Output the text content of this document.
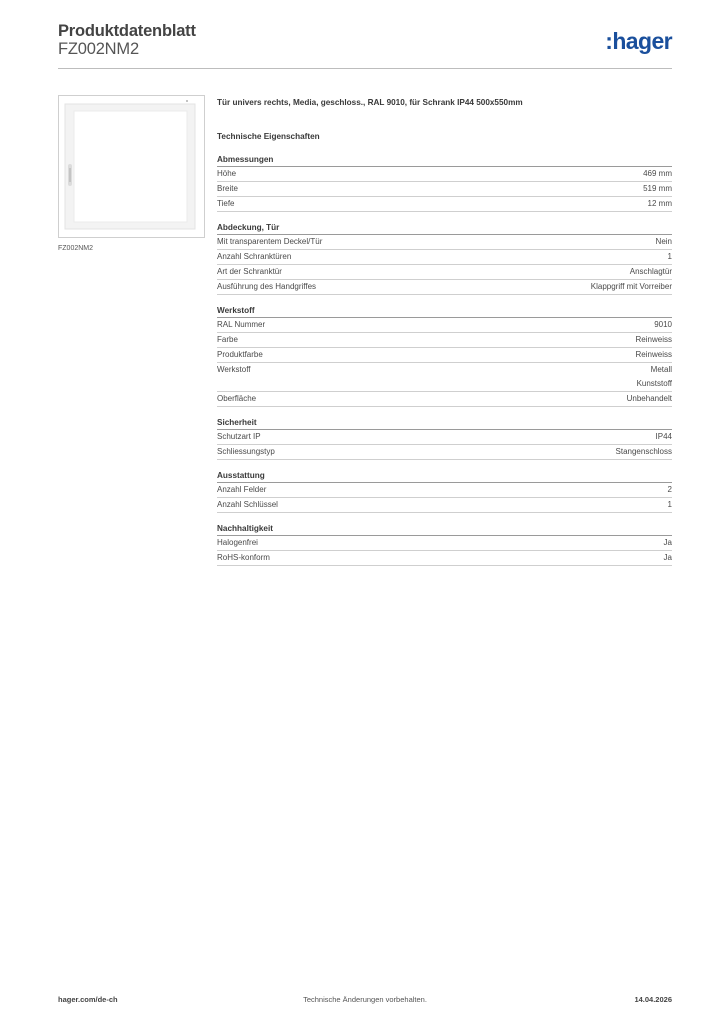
Produktdatenblatt
FZ002NM2	:hager
FZ002NM2
Tür univers rechts, Media, geschloss., RAL 9010, für Schrank IP44 500x550mm
Technische Eigenschaften
Abmessungen
Höhe	469 mm
Breite	519 mm
Tiefe	12 mm
Abdeckung, Tür
Mit transparentem Deckel/Tür	Nein
Anzahl Schranktüren	1
Art der Schranktür	Anschlagtür
Ausführung des Handgriffes	Klappgriff mit Vorreiber
Werkstoff
RAL Nummer	9010
Farbe	Reinweiss
Produktfarbe	Reinweiss
Werkstoff	Metall
Kunststoff
Oberfläche	Unbehandelt
Sicherheit
Schutzart IP	IP44
Schliessungstyp	Stangenschloss
Ausstattung
Anzahl Felder	2
Anzahl Schlüssel	1
Nachhaltigkeit
Halogenfrei	Ja
RoHS-konform	Ja
hager.com/de-ch	Technische Änderungen vorbehalten.	14.04.2026
